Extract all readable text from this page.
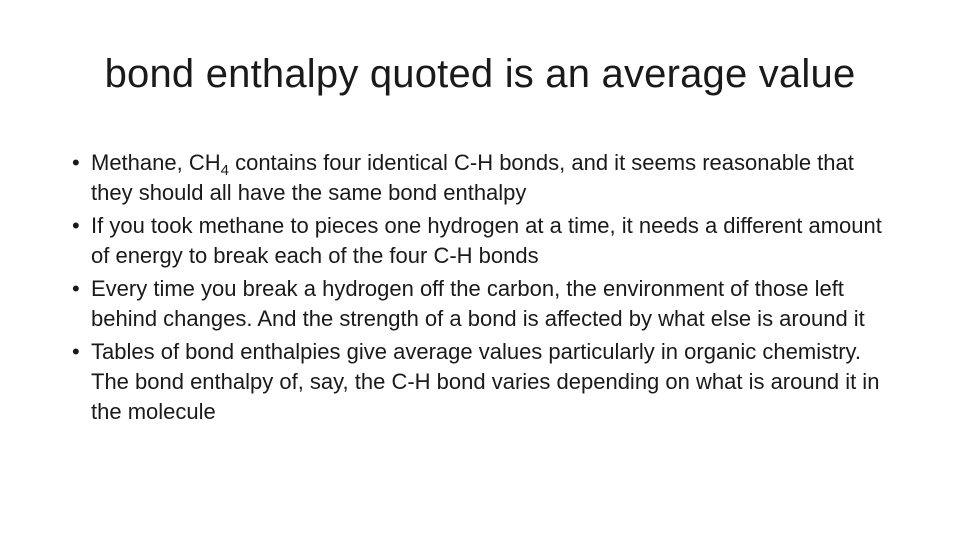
bond enthalpy quoted is an average value
• Methane, $CH_4$ contains four identical C-H bonds, and it seems reasonable that they should all have the same bond enthalpy
• If you took methane to pieces one hydrogen at a time, it needs a different amount of energy to break each of the four C-H bonds
• Every time you break a hydrogen off the carbon, the environment of those left behind changes. And the strength of a bond is affected by what else is around it
• Tables of bond enthalpies give average values particularly in organic chemistry. The bond enthalpy of, say, the C-H bond varies depending on what is around it in the molecule
